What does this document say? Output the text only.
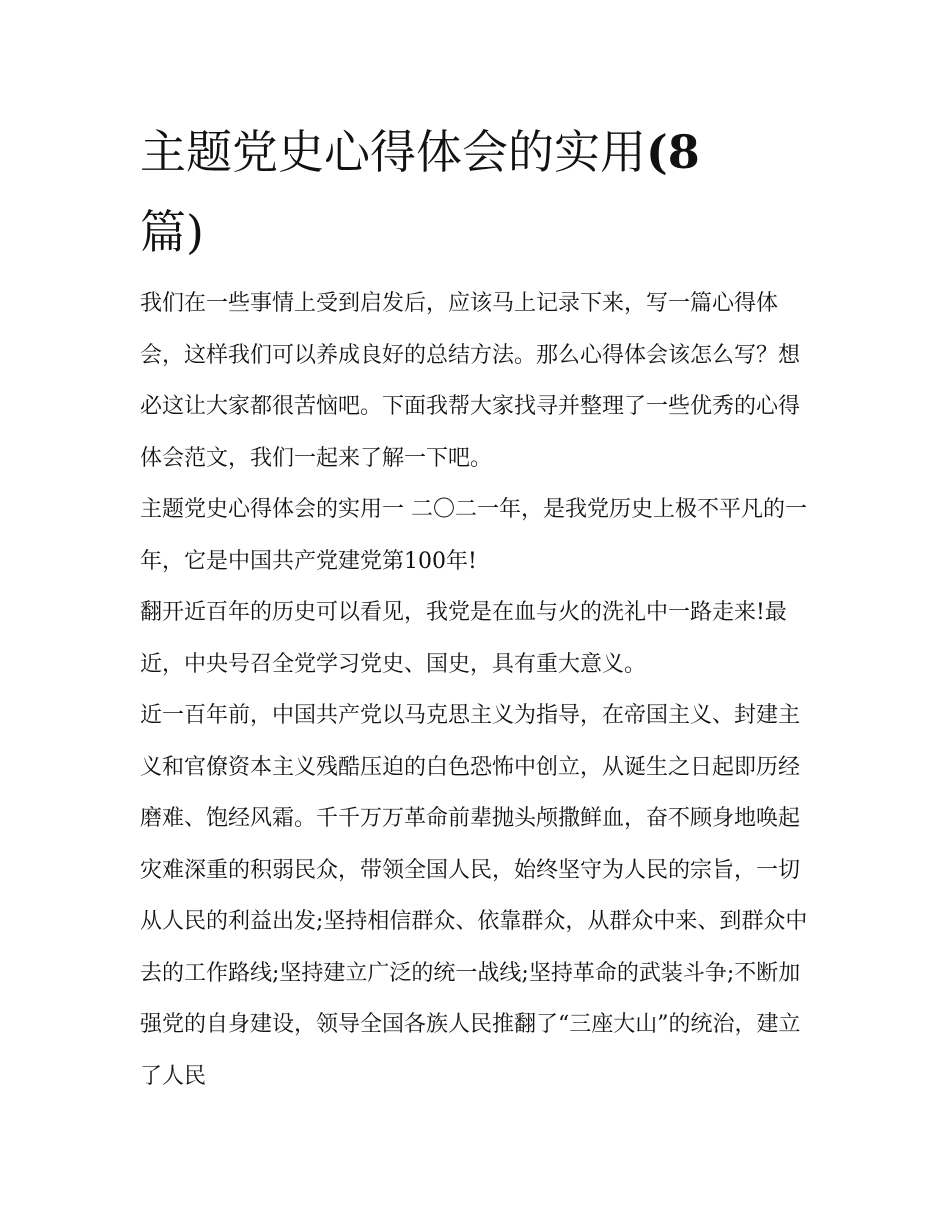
主题党史心得体会的实用(8
篇)

我们在一些事情上受到启发后，应该马上记录下来，写一篇心得体会，这样我们可以养成良好的总结方法。那么心得体会该怎么写？想必这让大家都很苦恼吧。下面我帮大家找寻并整理了一些优秀的心得体会范文，我们一起来了解一下吧。

主题党史心得体会的实用一 二〇二一年，是我党历史上极不平凡的一年，它是中国共产党建党第100年!

翻开近百年的历史可以看见，我党是在血与火的洗礼中一路走来!最近，中央号召全党学习党史、国史，具有重大意义。

近一百年前，中国共产党以马克思主义为指导，在帝国主义、封建主义和官僚资本主义残酷压迫的白色恐怖中创立，从诞生之日起即历经磨难、饱经风霜。千千万万革命前辈抛头颅撒鲜血，奋不顾身地唤起灾难深重的积弱民众，带领全国人民，始终坚守为人民的宗旨，一切从人民的利益出发;坚持相信群众、依靠群众，从群众中来、到群众中去的工作路线;坚持建立广泛的统一战线;坚持革命的武装斗争;不断加强党的自身建设，领导全国各族人民推翻了“三座大山”的统治，建立了人民
